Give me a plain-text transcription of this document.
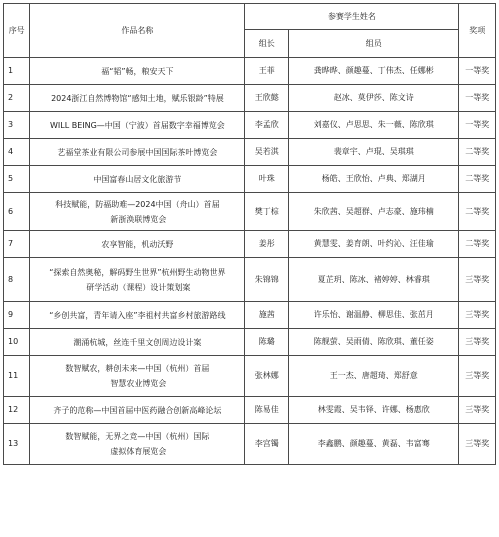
序号	作品名称	参赛学生姓名		奖项
		组长	组员	
1	福“韬”畅，粮安天下	王菲	龚晔晔、颜趣蔓、丁伟杰、任娜彬	一等奖
2	2024浙江自然博物馆“感知土地，赋乐银龄”特展	王欣懿	赵冰、莫伊莎、陈文诗	一等奖
3	WILL BEING—中国（宁波）首届数字幸福博览会	李孟欣	刘嘉仪、卢思思、朱一薇、陈欣琪	一等奖
4	艺福堂茶业有限公司参展中国国际茶叶博览会	吴若淇	裴章宇、卢琨、吴琪琪	二等奖
5	中国富春山居文化旅游节	叶珠	杨皓、王欣怡、卢典、郑湖月	二等奖
6	科技赋能，防福助难—2024中国（舟山）首届
新浙涣联博览会	樊丁棕	朱欣茜、吴超群、卢志豪、施玮楠	二等奖
7	农享智能，机动沃野	姜彤	黄慧雯、姜育朗、叶约沁、汪佳瑜	二等奖
8	“探索自然奥秘，解码野生世界”杭州野生动物世界
研学活动（课程）设计策划案	朱锦锦	夏芷玥、陈冰、褚婷婷、林睿琪	三等奖
9	“乡创共富，青年请入座”李祖村共富乡村旅游路线	施茜	许乐怡、谢温静、柳思佳、张茁月	三等奖
10	潮涌杭城，丝连千里文创周边设计案	陈璐	陈舰萤、吴雨倩、陈欣琪、董任姿	三等奖
11	数智赋农，耕创未来—中国（杭州）首届
智慧农业博览会	张林娜	王一杰、唐超琦、郑舒意	三等奖
12	齐子的范称—中国首届中医药融合创新高峰论坛	陈易佳	林雯霞、吴韦铎、许娜、杨惠欣	三等奖
13	数智赋能，无界之竞—中国（杭州）国际
虚拟体育展览会	李宫镯	李鑫鹏、颜趣蔓、黄磊、韦富骞	三等奖
